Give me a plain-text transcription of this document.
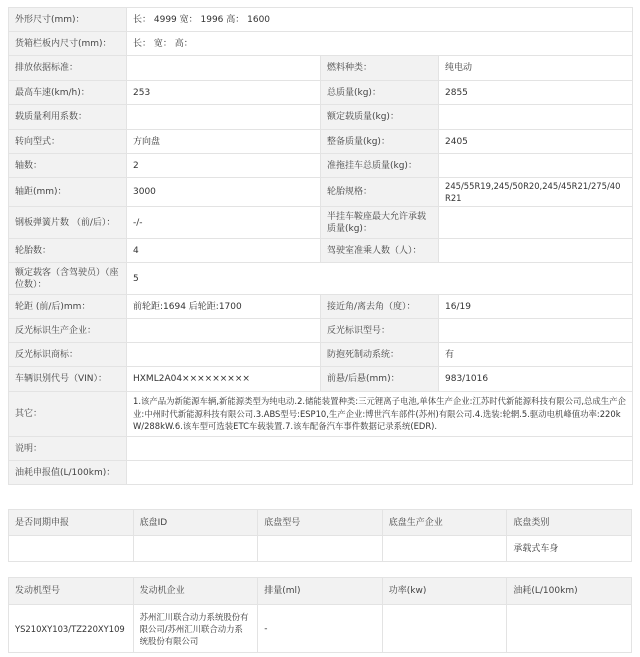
外形尺寸(mm)：	长： 4999 宽： 1996 高： 1600		
货箱栏板内尺寸(mm)：	长： 宽： 高：		
排放依据标准：		燃料种类：	纯电动
最高车速(km/h)：	253	总质量(kg)：	2855
载质量利用系数：		额定载质量(kg)：	
转向型式：	方向盘	整备质量(kg)：	2405
轴数：	2	准拖挂车总质量(kg)：	
轴距(mm)：	3000	轮胎规格：	245/55R19,245/50R20,245/45R21/275/40R21
钢板弹簧片数 （前/后）：	-/-	半挂车鞍座最大允许承载质量(kg)：	
轮胎数：	4	驾驶室准乘人数（人）：	
额定载客（含驾驶员）（座位数）：	5		
轮距 (前/后)mm：	前轮距:1694 后轮距:1700	接近角/离去角（度）：	16/19
反光标识生产企业：		反光标识型号：	
反光标识商标：		防抱死制动系统：	有
车辆识别代号（VIN）：	HXML2A04×××××××××	前悬/后悬(mm)：	983/1016
其它：	1.该产品为新能源车辆,新能源类型为纯电动.2.储能装置种类:三元锂离子电池,单体生产企业:江苏时代新能源科技有限公司,总成生产企业:中州时代新能源科技有限公司.3.ABS型号:ESP10,生产企业:博世汽车部件(苏州)有限公司.4.选装:轮辋.5.驱动电机峰值功率:220kW/288kW.6.该车型可选装ETC车载装置.7.该车配备汽车事件数据记录系统(EDR).		
说明：			
油耗申报值(L/100km)：			
是否同期申报	底盘ID	底盘型号	底盘生产企业	底盘类别
				承载式车身
发动机型号	发动机企业	排量(ml)	功率(kw)	油耗(L/100km)
YS210XY103/TZ220XY109	苏州汇川联合动力系统股份有限公司/苏州汇川联合动力系统股份有限公司	-		
